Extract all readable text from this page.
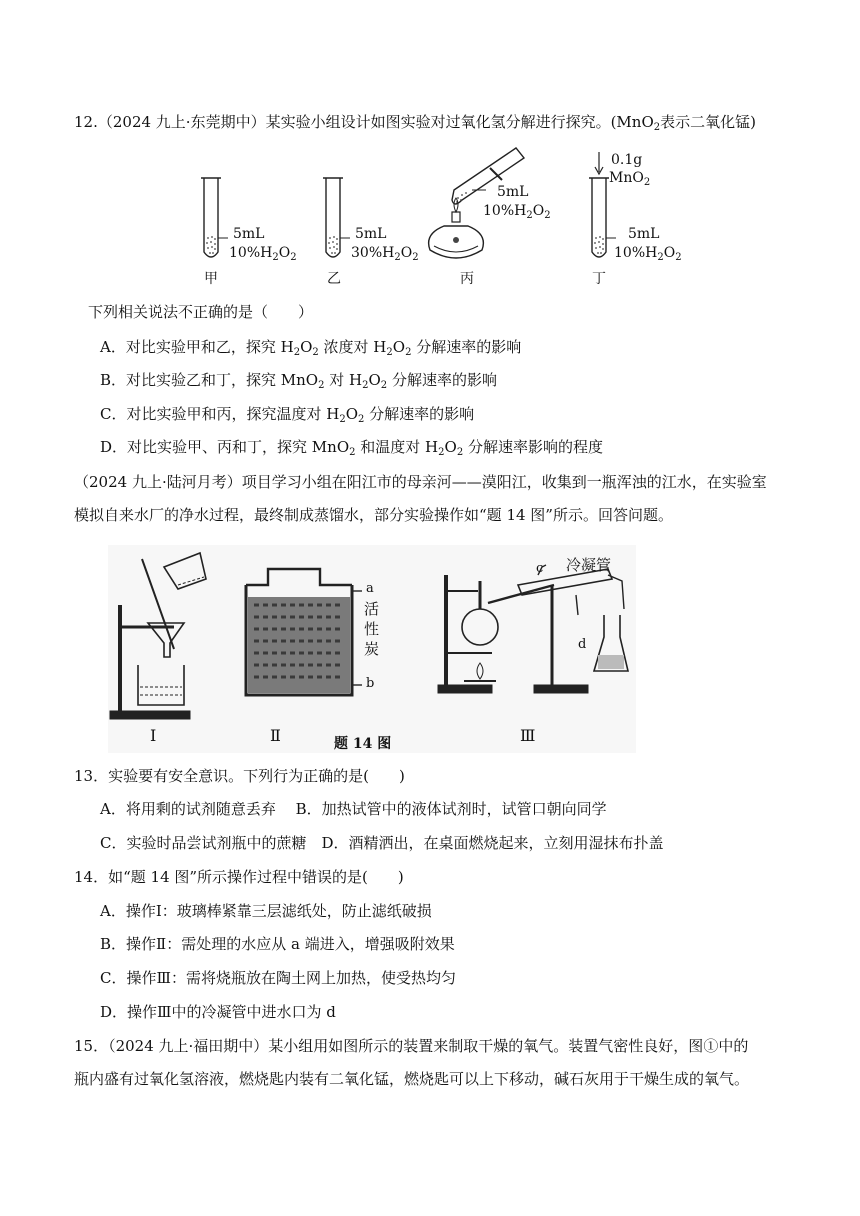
12.（2024 九上·东莞期中）某实验小组设计如图实验对过氧化氢分解进行探究。(MnO$_2$表示二氧化锰)
5mL
$10\%H_2O_2$
甲
5mL
$30\%H_2O_2$
乙
5mL
$10\%H_2O_2$
丙
0.1g
MnO$_2$
5mL
$10\%H_2O_2$
丁
下列相关说法不正确的是（　　）
A．对比实验甲和乙，探究 $H_2O_2$ 浓度对 $H_2O_2$ 分解速率的影响
B．对比实验乙和丁，探究 MnO$_2$ 对 $H_2O_2$ 分解速率的影响
C．对比实验甲和丙，探究温度对 $H_2O_2$ 分解速率的影响
D．对比实验甲、丙和丁，探究 MnO$_2$ 和温度对 $H_2O_2$ 分解速率影响的程度
（2024 九上·陆河月考）项目学习小组在阳江市的母亲河——漠阳江，收集到一瓶浑浊的江水，在实验室
模拟自来水厂的净水过程，最终制成蒸馏水，部分实验操作如“题 14 图”所示。回答问题。
Ⅰ	Ⅱ	题 14 图	Ⅲ
a
b
活
性
炭
c
d
冷凝管
13．实验要有安全意识。下列行为正确的是(　　)
A．将用剩的试剂随意丢弃　 B．加热试管中的液体试剂时，试管口朝向同学
C．实验时品尝试剂瓶中的蔗糖　D．酒精洒出，在桌面燃烧起来，立刻用湿抹布扑盖
14．如“题 14 图”所示操作过程中错误的是(　　)
A．操作Ⅰ：玻璃棒紧靠三层滤纸处，防止滤纸破损
B．操作Ⅱ：需处理的水应从 a 端进入，增强吸附效果
C．操作Ⅲ：需将烧瓶放在陶土网上加热，使受热均匀
D．操作Ⅲ中的冷凝管中进水口为 d
15．（2024 九上·福田期中）某小组用如图所示的装置来制取干燥的氧气。装置气密性良好，图①中的
瓶内盛有过氧化氢溶液，燃烧匙内装有二氧化锰，燃烧匙可以上下移动，碱石灰用于干燥生成的氧气。
